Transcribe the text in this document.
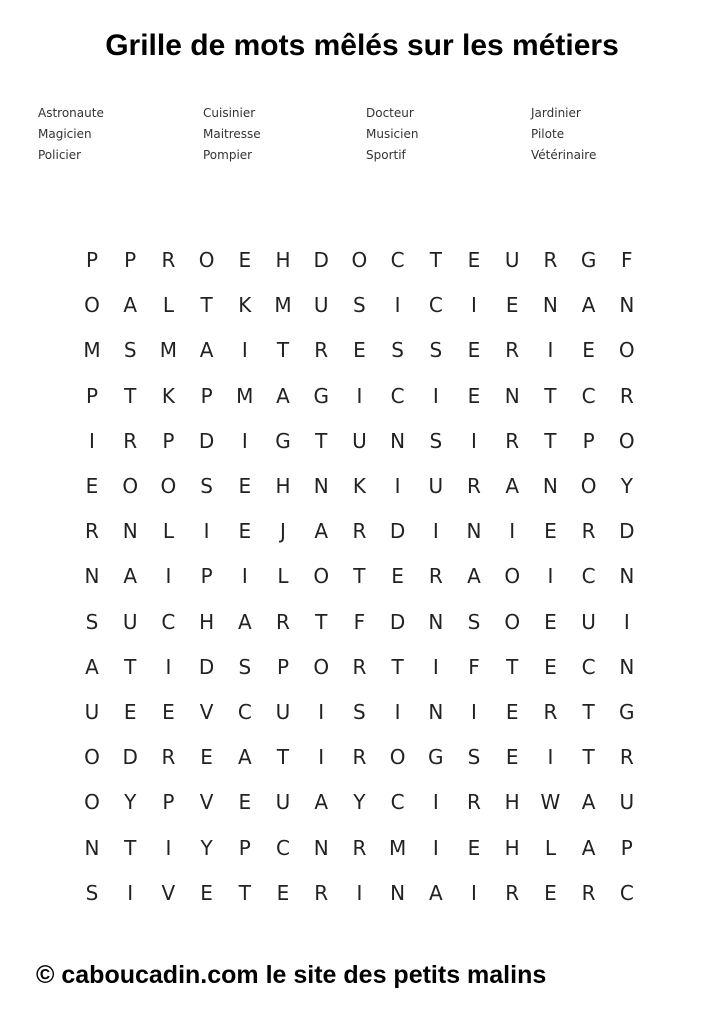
Grille de mots mêlés sur les métiers
Astronaute
Magicien
Policier
Cuisinier
Maitresse
Pompier
Docteur
Musicien
Sportif
Jardinier
Pilote
Vétérinaire
P	P	R	O	E	H	D	O	C	T	E	U	R	G	F
O	A	L	T	K	M	U	S	I	C	I	E	N	A	N
M	S	M	A	I	T	R	E	S	S	E	R	I	E	O
P	T	K	P	M	A	G	I	C	I	E	N	T	C	R
I	R	P	D	I	G	T	U	N	S	I	R	T	P	O
E	O	O	S	E	H	N	K	I	U	R	A	N	O	Y
R	N	L	I	E	J	A	R	D	I	N	I	E	R	D
N	A	I	P	I	L	O	T	E	R	A	O	I	C	N
S	U	C	H	A	R	T	F	D	N	S	O	E	U	I
A	T	I	D	S	P	O	R	T	I	F	T	E	C	N
U	E	E	V	C	U	I	S	I	N	I	E	R	T	G
O	D	R	E	A	T	I	R	O	G	S	E	I	T	R
O	Y	P	V	E	U	A	Y	C	I	R	H	W	A	U
N	T	I	Y	P	C	N	R	M	I	E	H	L	A	P
S	I	V	E	T	E	R	I	N	A	I	R	E	R	C
© caboucadin.com le site des petits malins
